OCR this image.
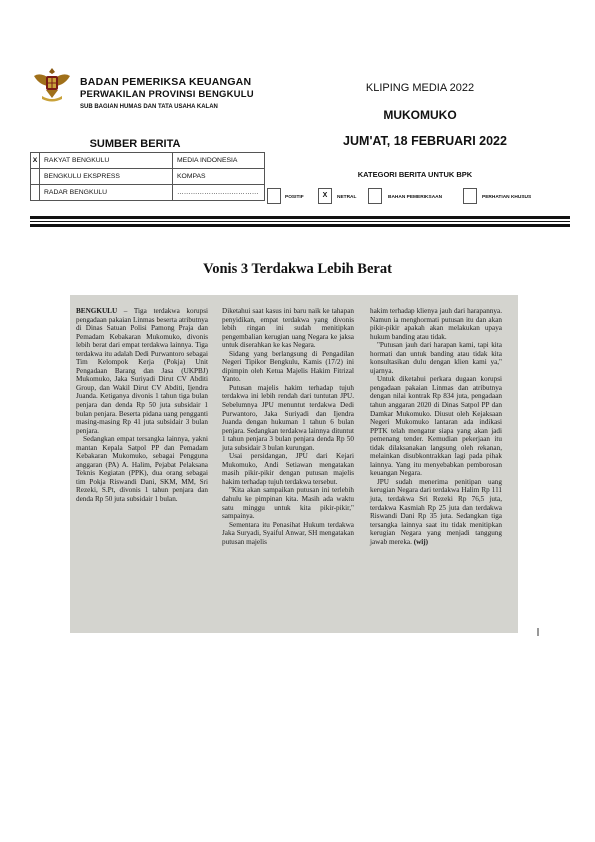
BADAN PEMERIKSA KEUANGAN
PERWAKILAN PROVINSI BENGKULU
SUB BAGIAN HUMAS DAN TATA USAHA KALAN
KLIPING MEDIA 2022
MUKOMUKO
JUM'AT, 18 FEBRUARI 2022
SUMBER BERITA
X	RAKYAT BENGKULU	MEDIA INDONESIA
	BENGKULU EKSPRESS	KOMPAS
	RADAR BENGKULU	………………………………
KATEGORI BERITA UNTUK BPK
POSITIF	X	NETRAL	BAHAN PEMERIKSAAN	PERHATIAN KHUSUS
Vonis 3 Terdakwa Lebih Berat

BENGKULU – Tiga terdakwa korupsi pengadaan pakaian Linmas beserta atributnya di Dinas Satuan Polisi Pamong Praja dan Pemadam Kebakaran Mukomuko, divonis lebih berat dari empat terdakwa lainnya. Tiga terdakwa itu adalah Dedi Purwantoro sebagai Tim Kelompok Kerja (Pokja) Unit Pengadaan Barang dan Jasa (UKPBJ) Mukomuko, Jaka Suriyadi Dirut CV Abditi Group, dan Wakil Dirut CV Abditi, Ijendra Juanda. Ketiganya divonis 1 tahun tiga bulan penjara dan denda Rp 50 juta subsidair 1 bulan penjara. Beserta pidana uang pengganti masing-masing Rp 41 juta subsidair 3 bulan penjara.

Sedangkan empat tersangka lainnya, yakni mantan Kepala Satpol PP dan Pemadam Kebakaran Mukomuko, sebagai Pengguna anggaran (PA) A. Halim, Pejabat Pelaksana Teknis Kegiatan (PPK), dua orang sebagai tim Pokja Riswandi Dani, SKM, MM, Sri Rezeki, S.Pt, divonis 1 tahun penjara dan denda Rp 50 juta subsidair 1 bulan.

Diketahui saat kasus ini baru naik ke tahapan penyidikan, empat terdakwa yang divonis lebih ringan ini sudah menitipkan pengembalian kerugian uang Negara ke jaksa untuk diserahkan ke kas Negara.

Sidang yang berlangsung di Pengadilan Negeri Tipikor Bengkulu, Kamis (17/2) ini dipimpin oleh Ketua Majelis Hakim Fitrizal Yanto.

Putusan majelis hakim terhadap tujuh terdakwa ini lebih rendah dari tuntutan JPU. Sebelumnya JPU menuntut terdakwa Dedi Purwantoro, Jaka Suriyadi dan Ijendra Juanda dengan hukuman 1 tahun 6 bulan penjara. Sedangkan terdakwa lainnya dituntut 1 tahun penjara 3 bulan penjara denda Rp 50 juta subsidair 3 bulan kurungan.

Usai persidangan, JPU dari Kejari Mukomuko, Andi Setiawan mengatakan masih pikir-pikir dengan putusan majelis hakim terhadap tujuh terdakwa tersebut.

"Kita akan sampaikan putusan ini terlebih dahulu ke pimpinan kita. Masih ada waktu satu minggu untuk kita pikir-pikir," sampainya.

Sementara itu Penasihat Hukum terdakwa Jaka Suryadi, Syaiful Anwar, SH mengatakan putusan majelis

hakim terhadap klienya jauh dari harapannya. Namun ia menghormati putusan itu dan akan pikir-pikir apakah akan melakukan upaya hukum banding atau tidak.

"Putusan jauh dari harapan kami, tapi kita hormati dan untuk banding atau tidak kita konsultasikan dulu dengan klien kami ya," ujarnya.

Untuk diketahui perkara dugaan korupsi pengadaan pakaian Linmas dan atributnya dengan nilai kontrak Rp 834 juta, pengadaan tahun anggaran 2020 di Dinas Satpol PP dan Damkar Mukomuko. Diusut oleh Kejaksaan Negeri Mukomuko lantaran ada indikasi PPTK telah mengatur siapa yang akan jadi pemenang tender. Kemudian pekerjaan itu tidak dilaksanakan langsung oleh rekanan, melainkan disubkontrakkan lagi pada pihak lainnya. Yang itu menyebabkan pemborosan keuangan Negara.

JPU sudah menerima penitipan uang kerugian Negara dari terdakwa Halim Rp 111 juta, terdakwa Sri Rezeki Rp 76,5 juta, terdakwa Kasmiah Rp 25 juta dan terdakwa Riswandi Dani Rp 35 juta. Sedangkan tiga tersangka lainnya saat itu tidak menitipkan kerugian Negara yang menjadi tanggung jawab mereka. (wij)
